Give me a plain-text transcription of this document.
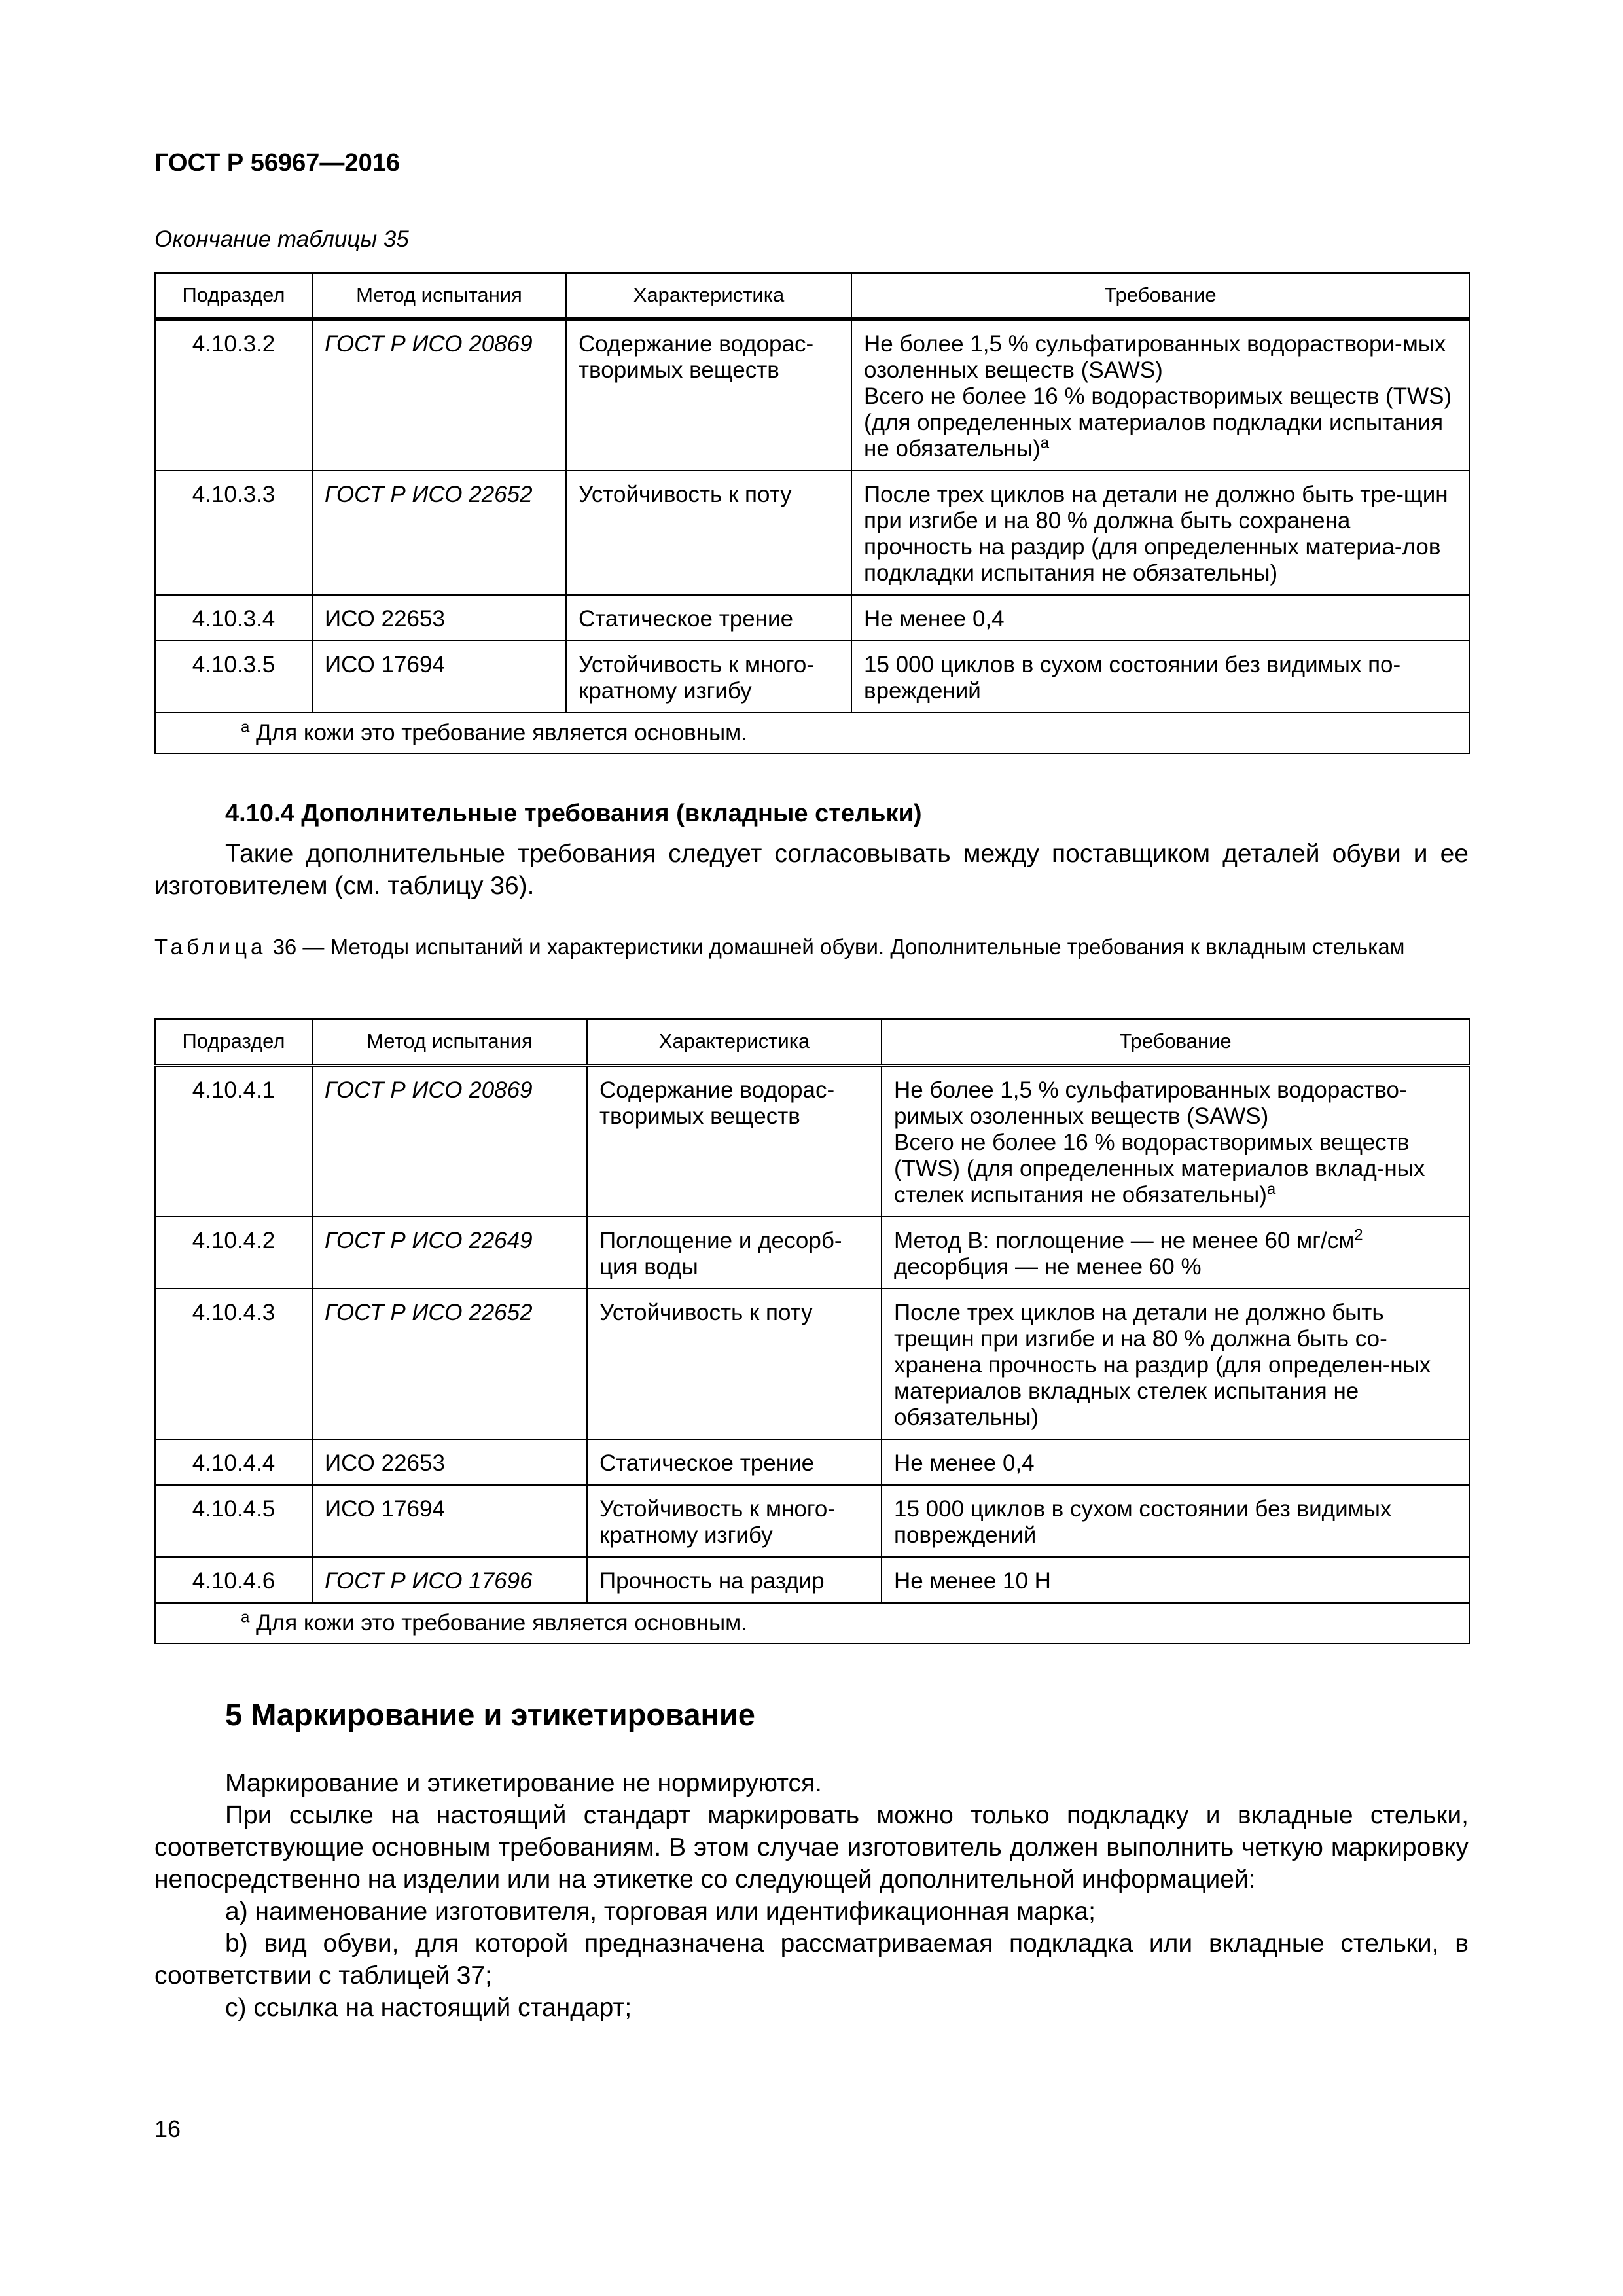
ГОСТ Р 56967—2016
Окончание таблицы 35
Подраздел	Метод испытания	Характеристика	Требование
4.10.3.2	ГОСТ Р ИСО 20869	Содержание водорас-творимых веществ	Не более 1,5 % сульфатированных водораствори-мых озоленных веществ (SAWS)
Всего не более 16 % водорастворимых веществ (TWS) (для определенных материалов подкладки испытания не обязательны)$^a$
4.10.3.3	ГОСТ Р ИСО 22652	Устойчивость к поту	После трех циклов на детали не должно быть тре-щин при изгибе и на 80 % должна быть сохранена прочность на раздир (для определенных материа-лов подкладки испытания не обязательны)
4.10.3.4	ИСО 22653	Статическое трение	Не менее 0,4
4.10.3.5	ИСО 17694	Устойчивость к много-кратному изгибу	15 000 циклов в сухом состоянии без видимых по-вреждений
$^a$ Для кожи это требование является основным.			
4.10.4 Дополнительные требования (вкладные стельки)
Такие дополнительные требования следует согласовывать между поставщиком деталей обуви и ее изготовителем (см. таблицу 36).
Таблица 36 — Методы испытаний и характеристики домашней обуви. Дополнительные требования к вкладным стелькам
Подраздел	Метод испытания	Характеристика	Требование
4.10.4.1	ГОСТ Р ИСО 20869	Содержание водорас-творимых веществ	Не более 1,5 % сульфатированных водораство-римых озоленных веществ (SAWS)
Всего не более 16 % водорастворимых веществ (TWS) (для определенных материалов вклад-ных стелек испытания не обязательны)$^a$
4.10.4.2	ГОСТ Р ИСО 22649	Поглощение и десорб-ция воды	Метод В: поглощение — не менее 60 $мг/см^2$
десорбция — не менее 60 %
4.10.4.3	ГОСТ Р ИСО 22652	Устойчивость к поту	После трех циклов на детали не должно быть трещин при изгибе и на 80 % должна быть со-хранена прочность на раздир (для определен-ных материалов вкладных стелек испытания не обязательны)
4.10.4.4	ИСО 22653	Статическое трение	Не менее 0,4
4.10.4.5	ИСО 17694	Устойчивость к много-кратному изгибу	15 000 циклов в сухом состоянии без видимых повреждений
4.10.4.6	ГОСТ Р ИСО 17696	Прочность на раздир	Не менее 10 Н
$^a$ Для кожи это требование является основным.			
5 Маркирование и этикетирование
Маркирование и этикетирование не нормируются.
При ссылке на настоящий стандарт маркировать можно только подкладку и вкладные стельки, соответствующие основным требованиям. В этом случае изготовитель должен выполнить четкую маркировку непосредственно на изделии или на этикетке со следующей дополнительной информацией:
а) наименование изготовителя, торговая или идентификационная марка;
b) вид обуви, для которой предназначена рассматриваемая подкладка или вкладные стельки, в соответствии с таблицей 37;
с) ссылка на настоящий стандарт;
16
